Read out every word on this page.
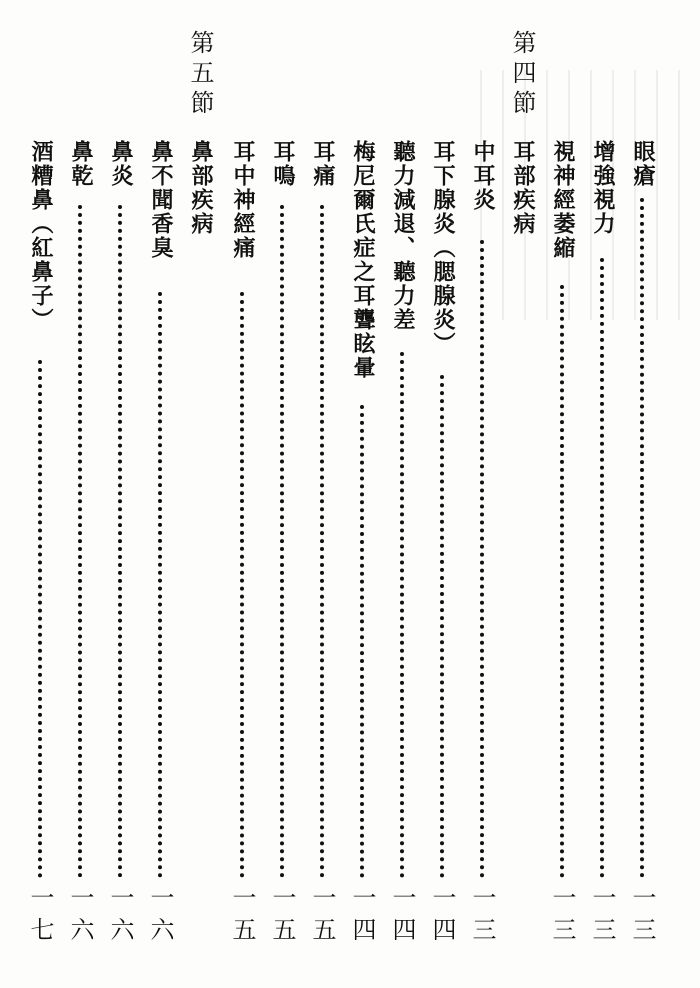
眼瘡
一三
增強視力
一三
視神經萎縮
一三
第四節
耳部疾病
中耳炎
一三
耳下腺炎（腮腺炎）
一四
聽力減退、聽力差
一四
梅尼爾氏症之耳聾眩暈
一四
耳痛
一五
耳鳴
一五
耳中神經痛
一五
第五節
鼻部疾病
鼻不聞香臭
一六
鼻炎
一六
鼻乾
一六
酒糟鼻（紅鼻子）
一七
